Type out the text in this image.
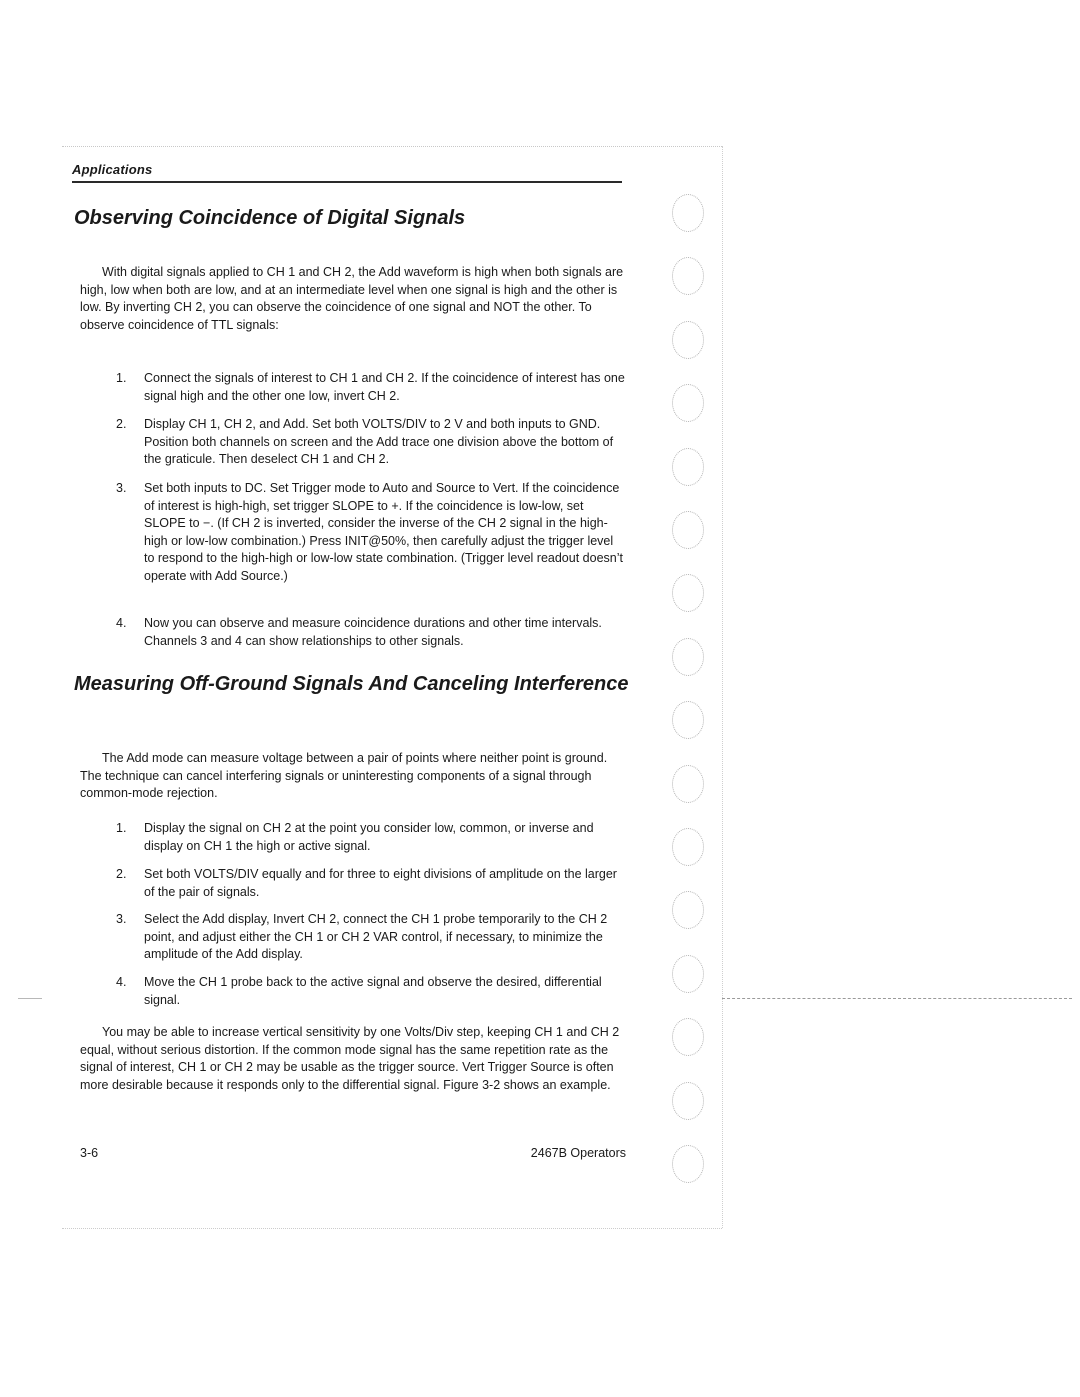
Applications
Observing Coincidence of Digital Signals

With digital signals applied to CH 1 and CH 2, the Add waveform is high when both signals are high, low when both are low, and at an intermediate level when one signal is high and the other is low. By inverting CH 2, you can observe the coincidence of one signal and NOT the other. To observe coincidence of TTL signals:

1. Connect the signals of interest to CH 1 and CH 2. If the coincidence of interest has one signal high and the other one low, invert CH 2.
2. Display CH 1, CH 2, and Add. Set both VOLTS/DIV to 2 V and both inputs to GND. Position both channels on screen and the Add trace one division above the bottom of the graticule. Then deselect CH 1 and CH 2.
3. Set both inputs to DC. Set Trigger mode to Auto and Source to Vert. If the coincidence of interest is high-high, set trigger SLOPE to +. If the coincidence is low-low, set SLOPE to −. (If CH 2 is inverted, consider the inverse of the CH 2 signal in the high-high or low-low combination.) Press INIT@50%, then carefully adjust the trigger level to respond to the high-high or low-low state combination. (Trigger level readout doesn’t operate with Add Source.)
4. Now you can observe and measure coincidence durations and other time intervals. Channels 3 and 4 can show relationships to other signals.
Measuring Off-Ground Signals And Canceling Interference

The Add mode can measure voltage between a pair of points where neither point is ground. The technique can cancel interfering signals or uninteresting components of a signal through common-mode rejection.

1. Display the signal on CH 2 at the point you consider low, common, or inverse and display on CH 1 the high or active signal.
2. Set both VOLTS/DIV equally and for three to eight divisions of amplitude on the larger of the pair of signals.
3. Select the Add display, Invert CH 2, connect the CH 1 probe temporarily to the CH 2 point, and adjust either the CH 1 or CH 2 VAR control, if necessary, to minimize the amplitude of the Add display.
4. Move the CH 1 probe back to the active signal and observe the desired, differential signal.

You may be able to increase vertical sensitivity by one Volts/Div step, keeping CH 1 and CH 2 equal, without serious distortion. If the common mode signal has the same repetition rate as the signal of interest, CH 1 or CH 2 may be usable as the trigger source. Vert Trigger Source is often more desirable because it responds only to the differential signal. Figure 3-2 shows an example.

3-6	2467B Operators
